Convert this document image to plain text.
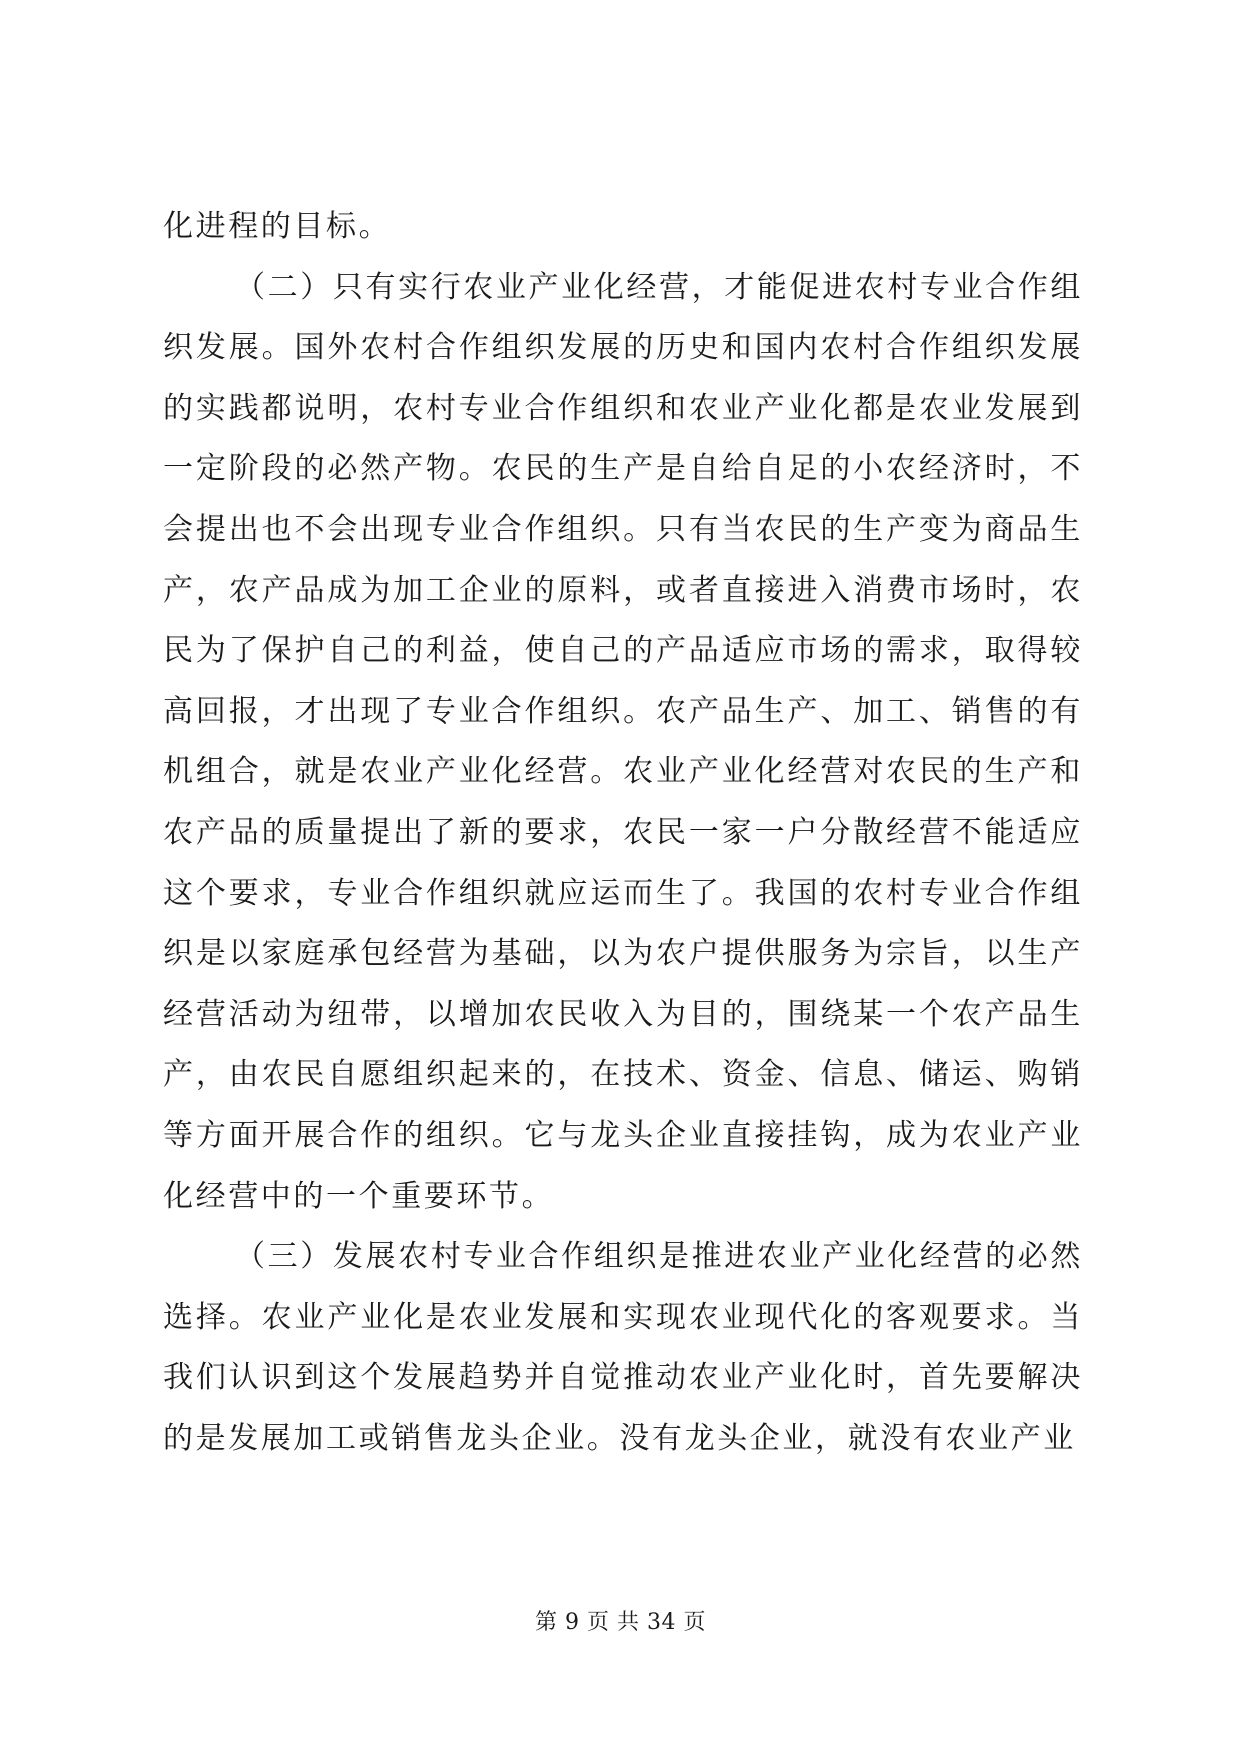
化进程的目标。

（二）只有实行农业产业化经营，才能促进农村专业合作组织发展。国外农村合作组织发展的历史和国内农村合作组织发展的实践都说明，农村专业合作组织和农业产业化都是农业发展到一定阶段的必然产物。农民的生产是自给自足的小农经济时，不会提出也不会出现专业合作组织。只有当农民的生产变为商品生产，农产品成为加工企业的原料，或者直接进入消费市场时，农民为了保护自己的利益，使自己的产品适应市场的需求，取得较高回报，才出现了专业合作组织。农产品生产、加工、销售的有机组合，就是农业产业化经营。农业产业化经营对农民的生产和农产品的质量提出了新的要求，农民一家一户分散经营不能适应这个要求，专业合作组织就应运而生了。我国的农村专业合作组织是以家庭承包经营为基础，以为农户提供服务为宗旨，以生产经营活动为纽带，以增加农民收入为目的，围绕某一个农产品生产，由农民自愿组织起来的，在技术、资金、信息、储运、购销等方面开展合作的组织。它与龙头企业直接挂钩，成为农业产业化经营中的一个重要环节。

（三）发展农村专业合作组织是推进农业产业化经营的必然选择。农业产业化是农业发展和实现农业现代化的客观要求。当我们认识到这个发展趋势并自觉推动农业产业化时，首先要解决的是发展加工或销售龙头企业。没有龙头企业，就没有农业产业

第 9 页 共 34 页
